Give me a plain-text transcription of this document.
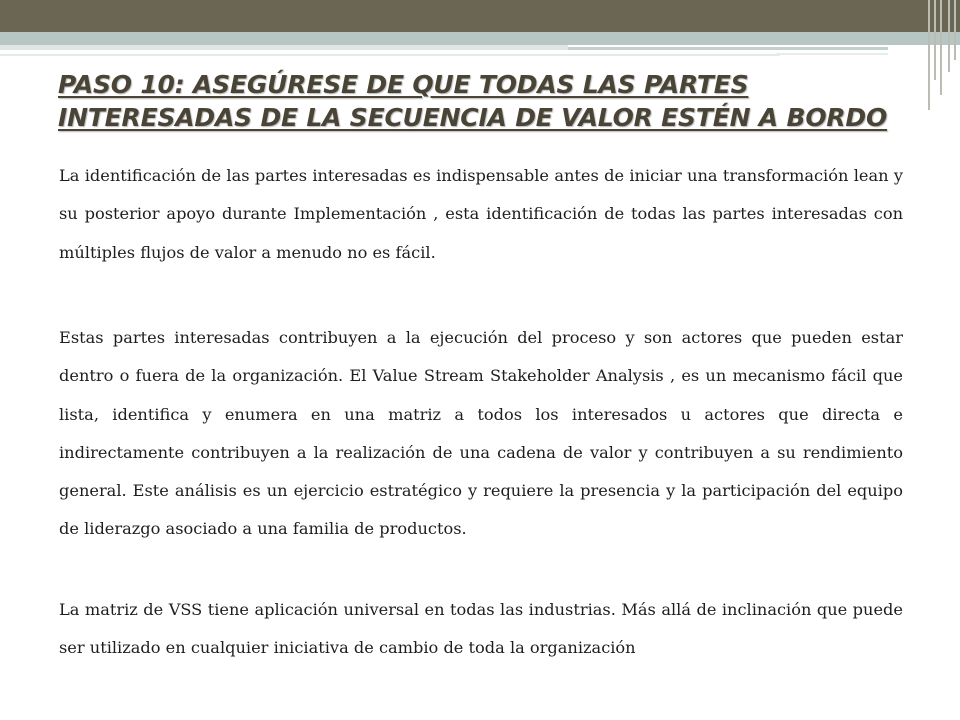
PASO 10: ASEGÚRESE DE QUE TODAS LAS PARTES INTERESADAS DE LA SECUENCIA DE VALOR ESTÉN A BORDO

La identificación de las partes interesadas es indispensable antes de iniciar una transformación lean y su posterior apoyo durante Implementación , esta identificación de todas las partes interesadas con múltiples flujos de valor a menudo no es fácil.

Estas partes interesadas contribuyen a la ejecución del proceso y son actores que pueden estar dentro o fuera de la organización. El Value Stream Stakeholder Analysis , es un mecanismo fácil que lista, identifica y enumera en una matriz a todos los interesados u actores que directa e indirectamente contribuyen a la realización de una cadena de valor y contribuyen a su rendimiento general. Este análisis es un ejercicio estratégico y requiere la presencia y la participación del equipo de liderazgo asociado a una familia de productos.

La matriz de VSS tiene aplicación universal en todas las industrias. Más allá de inclinación que puede ser utilizado en cualquier iniciativa de cambio de toda la organización
